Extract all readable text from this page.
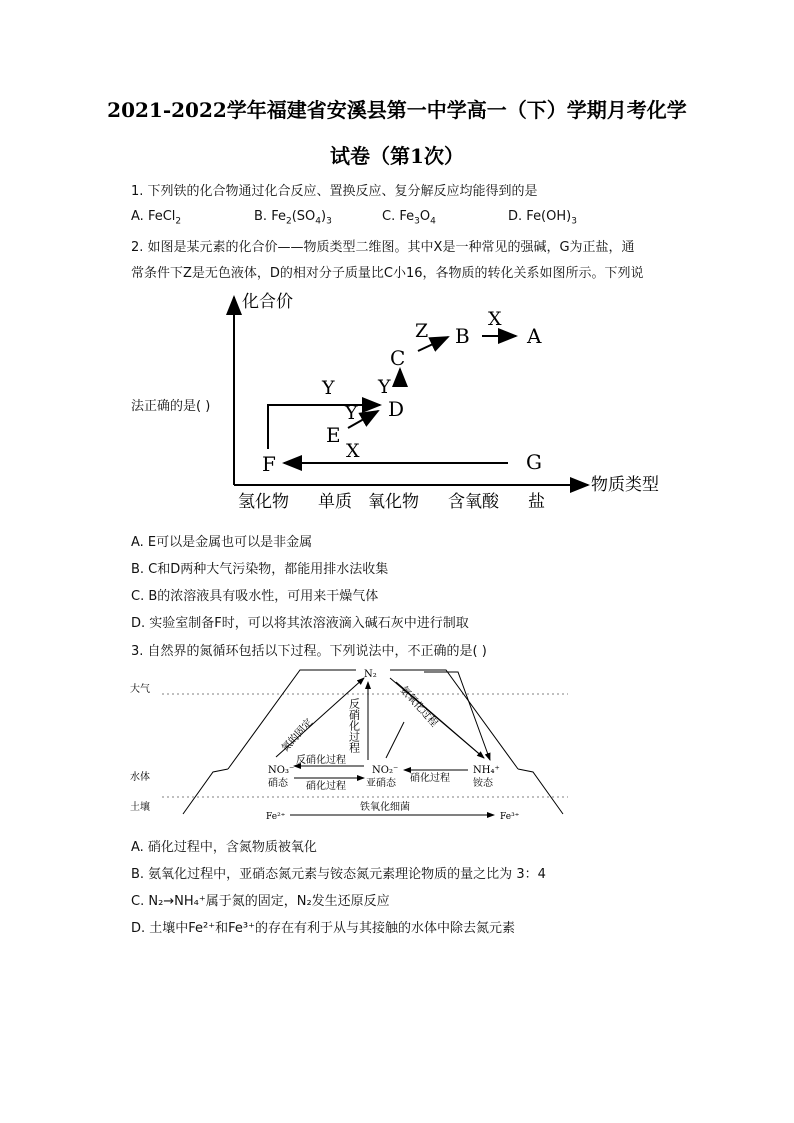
2021-2022学年福建省安溪县第一中学高一（下）学期月考化学
试卷（第1次）
1. 下列铁的化合物通过化合反应、置换反应、复分解反应均能得到的是
A. FeCl$_2$	B. $Fe_2(SO_4)_3$	C. $Fe_3O_4$	D. $Fe(OH)_3$
2. 如图是某元素的化合价——物质类型二维图。其中X是一种常见的强碱，G为正盐，通
常条件下Z是无色液体，D的相对分子质量比C小16，各物质的转化关系如图所示。下列说
法正确的是( )
化合价
物质类型
氢化物 单质 氧化物 含氧酸 盐
F
E
D
C
B	A
G
Y
Y
Y
Z
X
X
A. E可以是金属也可以是非金属
B. C和D两种大气污染物，都能用排水法收集
C. B的浓溶液具有吸水性，可用来干燥气体
D. 实验室制备F时，可以将其浓溶液滴入碱石灰中进行制取
3. 自然界的氮循环包括以下过程。下列说法中，不正确的是( )
大气
水体
土壤
N₂
氮的固定
氨氧化过程
反硝化过程
NO₃⁻
硝态
NO₂⁻
亚硝态
NH₄⁺
铵态
反硝化过程
硝化过程
硝化过程
Fe²⁺	Fe³⁺
铁氧化细菌
A. 硝化过程中，含氮物质被氧化
B. 氨氧化过程中，亚硝态氮元素与铵态氮元素理论物质的量之比为 3：4
C. N₂→NH₄⁺属于氮的固定，N₂发生还原反应
D. 土壤中Fe²⁺和Fe³⁺的存在有利于从与其接触的水体中除去氮元素
